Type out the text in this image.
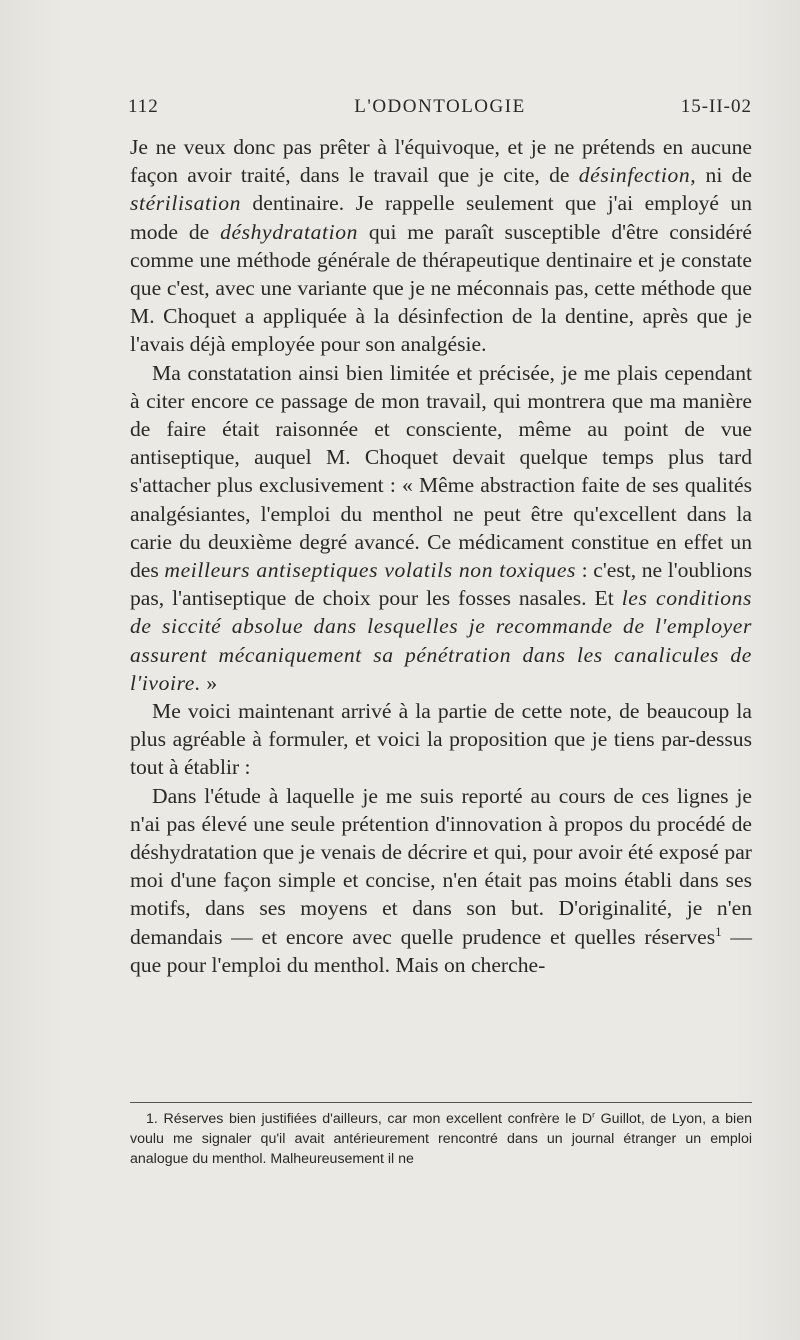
112	L'ODONTOLOGIE	15-II-02

Je ne veux donc pas prêter à l'équivoque, et je ne prétends en aucune façon avoir traité, dans le travail que je cite, de désinfection, ni de stérilisation dentinaire. Je rappelle seulement que j'ai employé un mode de déshydratation qui me paraît susceptible d'être considéré comme une méthode générale de thérapeutique dentinaire et je constate que c'est, avec une variante que je ne méconnais pas, cette méthode que M. Choquet a appliquée à la désinfection de la dentine, après que je l'avais déjà employée pour son analgésie.

Ma constatation ainsi bien limitée et précisée, je me plais cependant à citer encore ce passage de mon travail, qui montrera que ma manière de faire était raisonnée et consciente, même au point de vue antiseptique, auquel M. Choquet devait quelque temps plus tard s'attacher plus exclusivement : « Même abstraction faite de ses qualités analgésiantes, l'emploi du menthol ne peut être qu'excellent dans la carie du deuxième degré avancé. Ce médicament constitue en effet un des meilleurs antiseptiques volatils non toxiques : c'est, ne l'oublions pas, l'antiseptique de choix pour les fosses nasales. Et les conditions de siccité absolue dans lesquelles je recommande de l'employer assurent mécaniquement sa pénétration dans les canalicules de l'ivoire. »

Me voici maintenant arrivé à la partie de cette note, de beaucoup la plus agréable à formuler, et voici la proposition que je tiens par-dessus tout à établir :

Dans l'étude à laquelle je me suis reporté au cours de ces lignes je n'ai pas élevé une seule prétention d'innovation à propos du procédé de déshydratation que je venais de décrire et qui, pour avoir été exposé par moi d'une façon simple et concise, n'en était pas moins établi dans ses motifs, dans ses moyens et dans son but. D'originalité, je n'en demandais — et encore avec quelle prudence et quelles réserves$^1$ — que pour l'emploi du menthol. Mais on cherche-

1. Réserves bien justifiées d'ailleurs, car mon excellent confrère le $D^r$ Guillot, de Lyon, a bien voulu me signaler qu'il avait antérieurement rencontré dans un journal étranger un emploi analogue du menthol. Malheureusement il ne
